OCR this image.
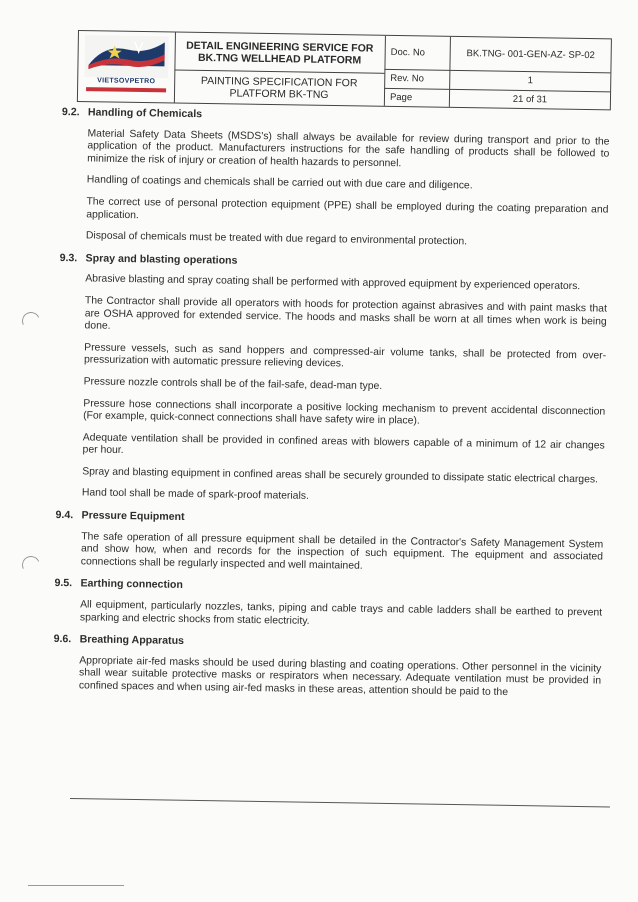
VIETSOVPETRO
DETAIL ENGINEERING SERVICE FOR
BK.TNG WELLHEAD PLATFORM
PAINTING SPECIFICATION FOR
PLATFORM BK-TNG
Doc. No	BK.TNG- 001-GEN-AZ- SP-02
Rev. No	1
Page	21 of 31
9.2. Handling of Chemicals

Material Safety Data Sheets (MSDS's) shall always be available for review during transport and prior to the application of the product. Manufacturers instructions for the safe handling of products shall be followed to minimize the risk of injury or creation of health hazards to personnel.

Handling of coatings and chemicals shall be carried out with due care and diligence.

The correct use of personal protection equipment (PPE) shall be employed during the coating preparation and application.

Disposal of chemicals must be treated with due regard to environmental protection.

9.3. Spray and blasting operations

Abrasive blasting and spray coating shall be performed with approved equipment by experienced operators.

The Contractor shall provide all operators with hoods for protection against abrasives and with paint masks that are OSHA approved for extended service. The hoods and masks shall be worn at all times when work is being done.

Pressure vessels, such as sand hoppers and compressed-air volume tanks, shall be protected from over-pressurization with automatic pressure relieving devices.

Pressure nozzle controls shall be of the fail-safe, dead-man type.

Pressure hose connections shall incorporate a positive locking mechanism to prevent accidental disconnection (For example, quick-connect connections shall have safety wire in place).

Adequate ventilation shall be provided in confined areas with blowers capable of a minimum of 12 air changes per hour.

Spray and blasting equipment in confined areas shall be securely grounded to dissipate static electrical charges.

Hand tool shall be made of spark-proof materials.

9.4. Pressure Equipment

The safe operation of all pressure equipment shall be detailed in the Contractor's Safety Management System and show how, when and records for the inspection of such equipment. The equipment and associated connections shall be regularly inspected and well maintained.

9.5. Earthing connection

All equipment, particularly nozzles, tanks, piping and cable trays and cable ladders shall be earthed to prevent sparking and electric shocks from static electricity.

9.6. Breathing Apparatus

Appropriate air-fed masks should be used during blasting and coating operations. Other personnel in the vicinity shall wear suitable protective masks or respirators when necessary. Adequate ventilation must be provided in confined spaces and when using air-fed masks in these areas, attention should be paid to the
